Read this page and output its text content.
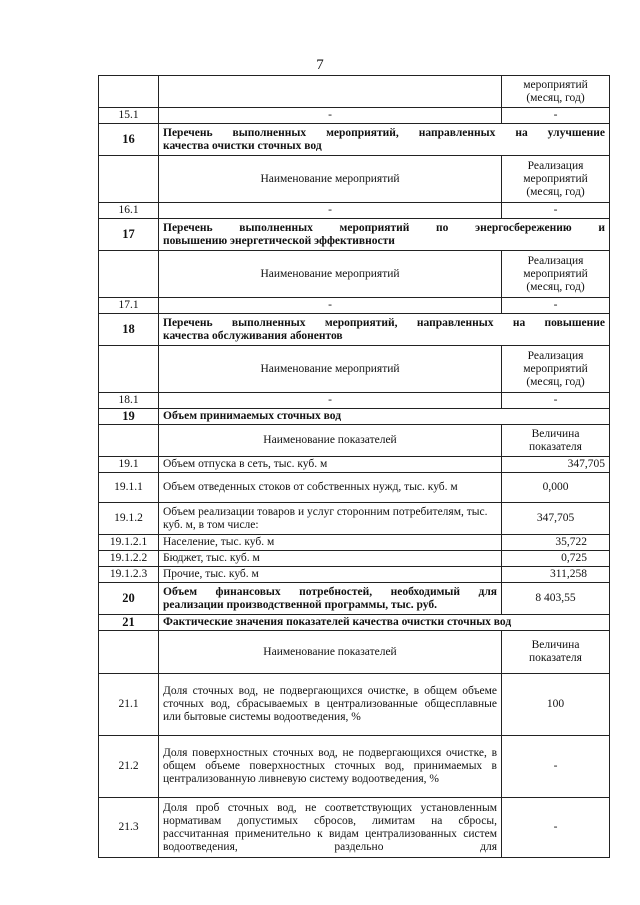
7
		мероприятий (месяц, год)
15.1	-	-
16	Перечень выполненных мероприятий, направленных на улучшение
качества очистки сточных вод	

	Наименование мероприятий	Реализация мероприятий (месяц, год)
16.1	-	-
17	Перечень выполненных мероприятий по энергосбережению и
повышению энергетической эффективности	

	Наименование мероприятий	Реализация мероприятий (месяц, год)
17.1	-	-
18	Перечень выполненных мероприятий, направленных на повышение
качества обслуживания абонентов	

	Наименование мероприятий	Реализация мероприятий (месяц, год)
18.1	-	-
19	Объем принимаемых сточных вод	
	Наименование показателей	Величина показателя
19.1	Объем отпуска в сеть, тыс. куб. м	347,705
19.1.1	Объем отведенных стоков от собственных нужд, тыс. куб. м	0,000
19.1.2	Объем реализации товаров и услуг сторонним потребителям, тыс. куб. м, в том числе:	347,705
19.1.2.1	Население, тыс. куб. м	35,722
19.1.2.2	Бюджет, тыс. куб. м	0,725
19.1.2.3	Прочие, тыс. куб. м	311,258
20	Объем финансовых потребностей, необходимый для
реализации производственной программы, тыс. руб.	8 403,55
21	Фактические значения показателей качества очистки сточных вод	
	Наименование показателей	Величина показателя
21.1	Доля сточных вод, не подвергающихся очистке, в общем объеме сточных вод, сбрасываемых в централизованные общесплавные или бытовые системы водоотведения, %	100
21.2	Доля поверхностных сточных вод, не подвергающихся очистке, в общем объеме поверхностных сточных вод, принимаемых в централизованную ливневую систему водоотведения, %	-
21.3	Доля проб сточных вод, не соответствующих установленным нормативам допустимых сбросов, лимитам на сбросы, рассчитанная применительно к видам централизованных систем водоотведения, раздельно для	-
